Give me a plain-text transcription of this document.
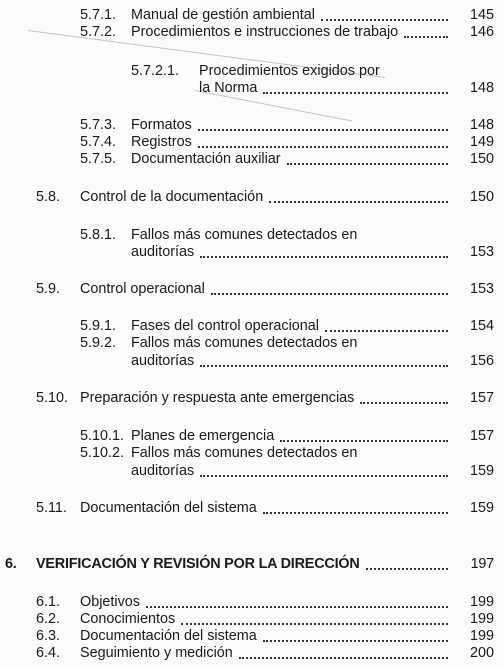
5.7.1.	Manual de gestión ambiental	145
5.7.2.	Procedimientos e instrucciones de trabajo	146
5.7.2.1.	Procedimientos exigidos por
la Norma	148
5.7.3.	Formatos	148
5.7.4.	Registros	149
5.7.5.	Documentación auxiliar	150
5.8.	Control de la documentación	150
5.8.1.	Fallos más comunes detectados en
auditorías	153
5.9.	Control operacional	153
5.9.1.	Fases del control operacional	154
5.9.2.	Fallos más comunes detectados en
auditorías	156
5.10. Preparación y respuesta ante emergencias	157
5.10.1. Planes de emergencia	157
5.10.2. Fallos más comunes detectados en
auditorías	159
5.11. Documentación del sistema	159
6.	VERIFICACIÓN Y REVISIÓN POR LA DIRECCIÓN	197
6.1.	Objetivos	199
6.2.	Conocimientos	199
6.3.	Documentación del sistema	199
6.4.	Seguimiento y medición	200
